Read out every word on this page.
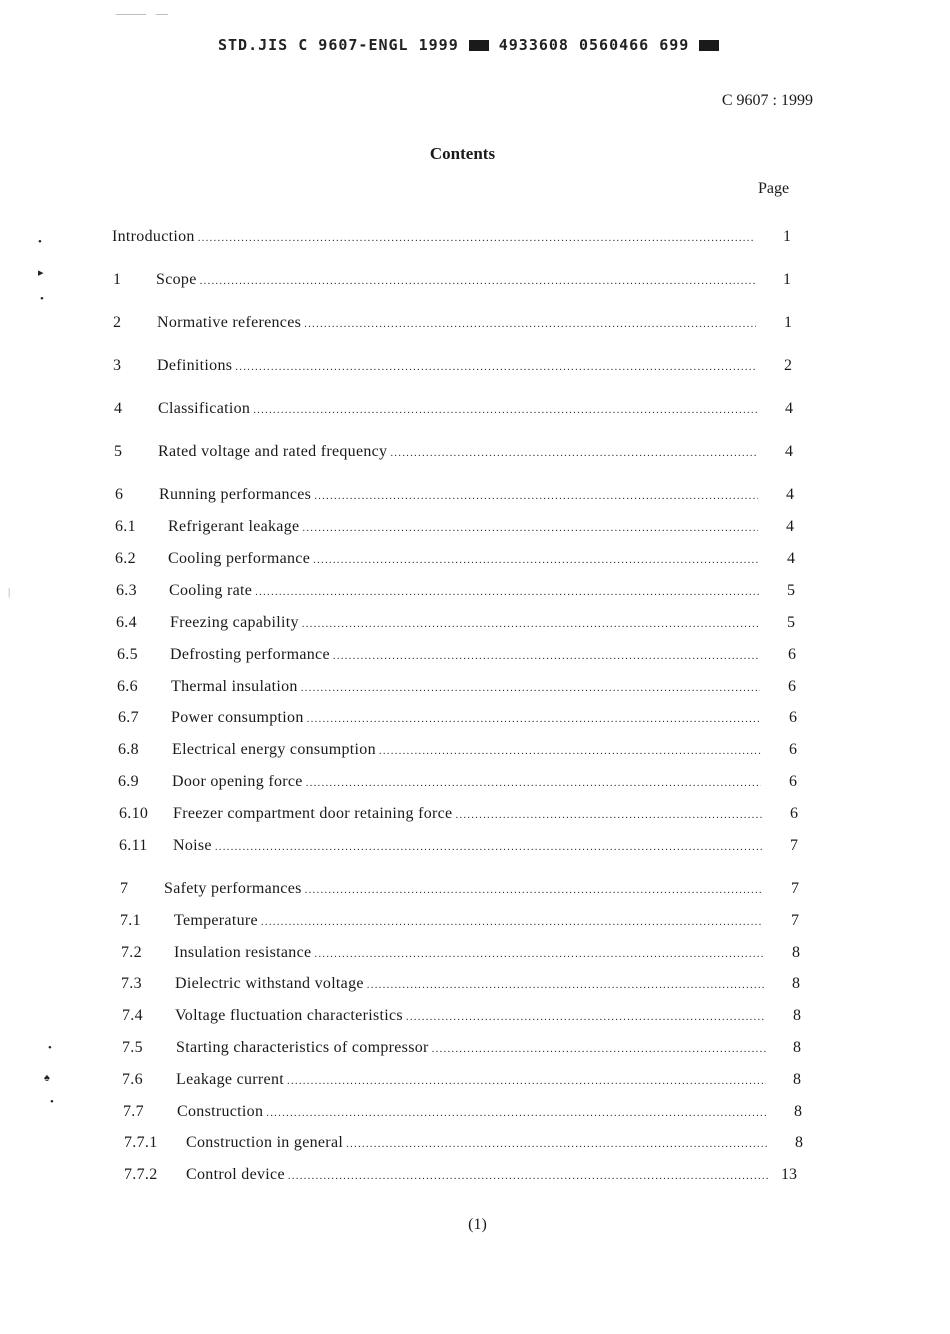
STD.JIS C 9607-ENGL 1999	4933608 0560466 699
C 9607 : 1999
Contents
Page
•
▸
•
|
•
♠
•
Introduction .....	1
1	Scope .....	1
2	Normative references .....	1
3	Definitions .....	2
4	Classification .....	4
5	Rated voltage and rated frequency .....	4
6	Running performances .....	4
6.1	Refrigerant leakage .....	4
6.2	Cooling performance .....	4
6.3	Cooling rate .....	5
6.4	Freezing capability .....	5
6.5	Defrosting performance .....	6
6.6	Thermal insulation .....	6
6.7	Power consumption .....	6
6.8	Electrical energy consumption .....	6
6.9	Door opening force .....	6
6.10	Freezer compartment door retaining force .....	6
6.11	Noise .....	7
7	Safety performances .....	7
7.1	Temperature .....	7
7.2	Insulation resistance .....	8
7.3	Dielectric withstand voltage .....	8
7.4	Voltage fluctuation characteristics .....	8
7.5	Starting characteristics of compressor .....	8
7.6	Leakage current .....	8
7.7	Construction .....	8
7.7.1	Construction in general .....	8
7.7.2	Control device .....	13
(1)
